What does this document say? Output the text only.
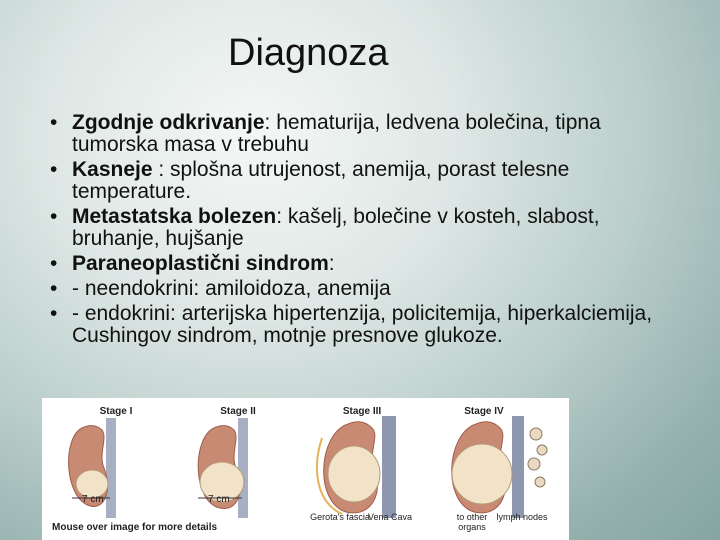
Diagnoza
• Zgodnje odkrivanje: hematurija, ledvena bolečina, tipna tumorska masa v trebuhu
• Kasneje : splošna utrujenost, anemija, porast telesne temperature.
• Metastatska bolezen: kašelj, bolečine v kosteh, slabost, bruhanje, hujšanje
• Paraneoplastični sindrom:
• - neendokrini: amiloidoza, anemija
• - endokrini: arterijska hipertenzija, policitemija, hiperkalciemija, Cushingov sindrom, motnje presnove glukoze.
Stage I	Stage II	Stage III	Stage IV
7 cm	7 cm
Gerota's fascia
Vena Cava	to other organs
lymph nodes
Mouse over image for more details
